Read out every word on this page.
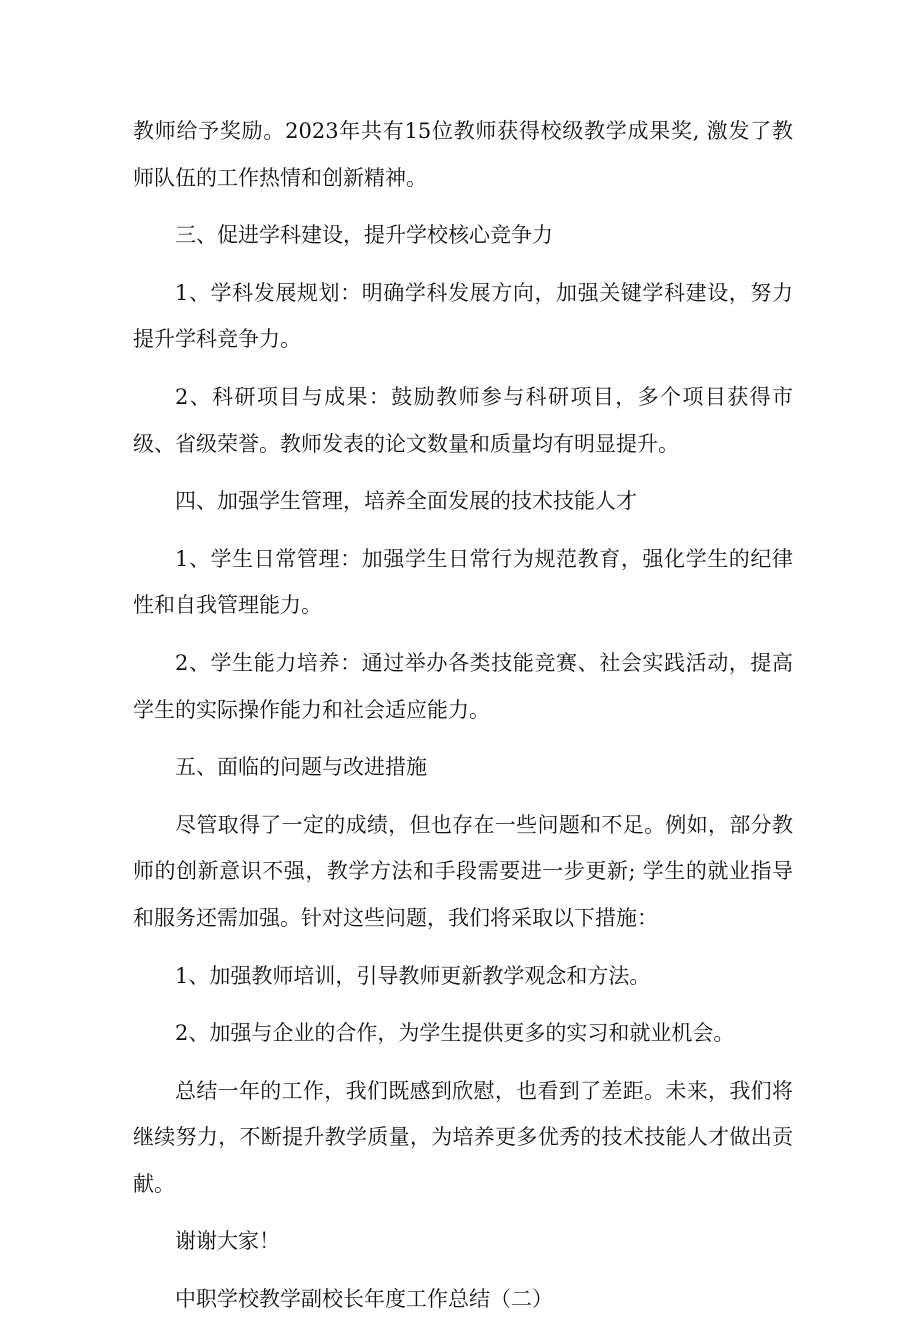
教师给予奖励。2023年共有15位教师获得校级教学成果奖, 激发了教师队伍的工作热情和创新精神。

三、促进学科建设，提升学校核心竞争力

1、学科发展规划：明确学科发展方向，加强关键学科建设，努力提升学科竞争力。

2、科研项目与成果：鼓励教师参与科研项目，多个项目获得市级、省级荣誉。教师发表的论文数量和质量均有明显提升。

四、加强学生管理，培养全面发展的技术技能人才

1、学生日常管理：加强学生日常行为规范教育，强化学生的纪律性和自我管理能力。

2、学生能力培养：通过举办各类技能竞赛、社会实践活动，提高学生的实际操作能力和社会适应能力。

五、面临的问题与改进措施

尽管取得了一定的成绩，但也存在一些问题和不足。例如，部分教师的创新意识不强，教学方法和手段需要进一步更新; 学生的就业指导和服务还需加强。针对这些问题，我们将采取以下措施：

1、加强教师培训，引导教师更新教学观念和方法。

2、加强与企业的合作，为学生提供更多的实习和就业机会。

总结一年的工作，我们既感到欣慰，也看到了差距。未来，我们将继续努力，不断提升教学质量，为培养更多优秀的技术技能人才做出贡献。

谢谢大家！

中职学校教学副校长年度工作总结（二）
